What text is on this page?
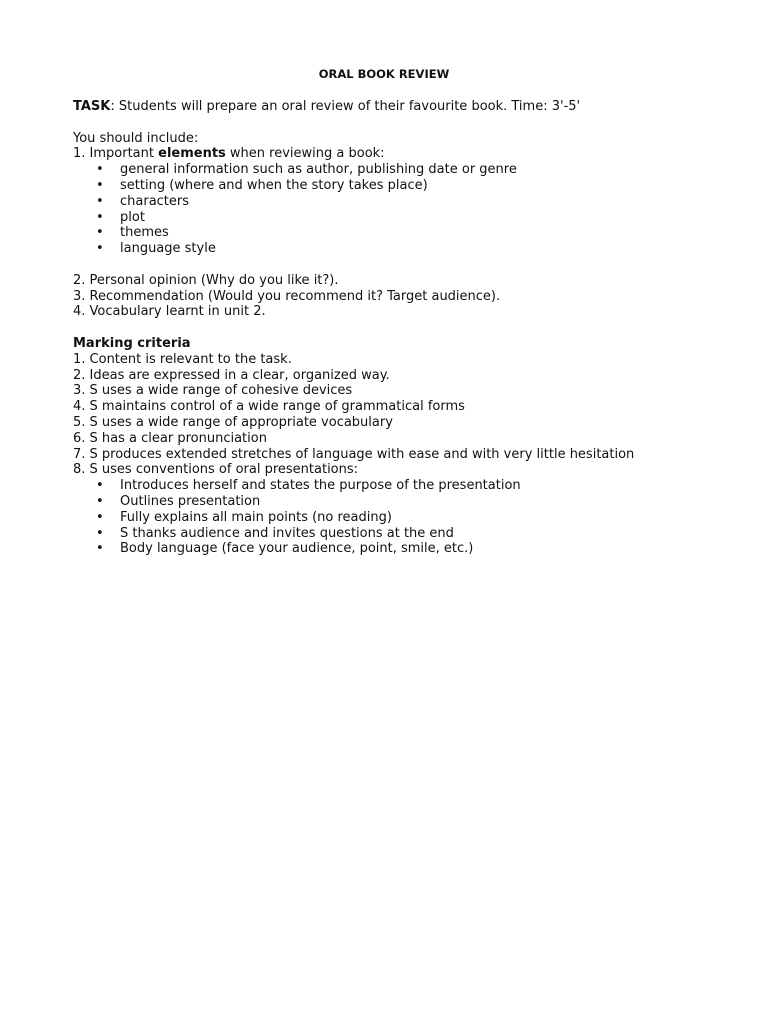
ORAL BOOK REVIEW
TASK: Students will prepare an oral review of their favourite book. Time: 3'-5'
You should include:
1. Important elements when reviewing a book:
• general information such as author, publishing date or genre
• setting (where and when the story takes place)
• characters
• plot
• themes
• language style
2. Personal opinion (Why do you like it?).
3. Recommendation (Would you recommend it? Target audience).
4. Vocabulary learnt in unit 2.
Marking criteria
1. Content is relevant to the task.
2. Ideas are expressed in a clear, organized way.
3. S uses a wide range of cohesive devices
4. S maintains control of a wide range of grammatical forms
5. S uses a wide range of appropriate vocabulary
6. S has a clear pronunciation
7. S produces extended stretches of language with ease and with very little hesitation
8. S uses conventions of oral presentations:
• Introduces herself and states the purpose of the presentation
• Outlines presentation
• Fully explains all main points (no reading)
• S thanks audience and invites questions at the end
• Body language (face your audience, point, smile, etc.)
